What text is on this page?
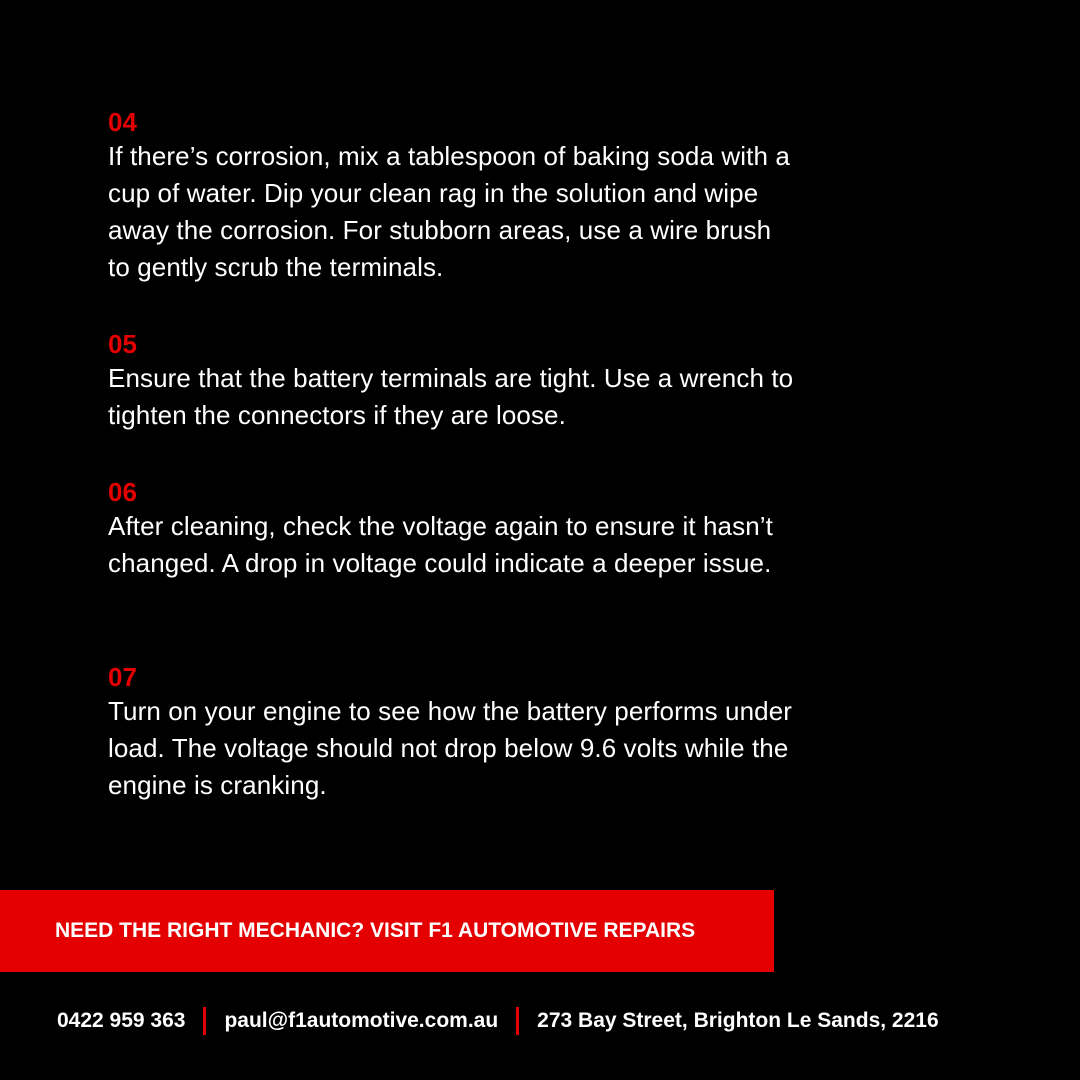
04

If there’s corrosion, mix a tablespoon of baking soda with a cup of water. Dip your clean rag in the solution and wipe away the corrosion. For stubborn areas, use a wire brush to gently scrub the terminals.

05

Ensure that the battery terminals are tight. Use a wrench to tighten the connectors if they are loose.

06

After cleaning, check the voltage again to ensure it hasn’t changed. A drop in voltage could indicate a deeper issue.

07

Turn on your engine to see how the battery performs under load. The voltage should not drop below 9.6 volts while the engine is cranking.

NEED THE RIGHT MECHANIC? VISIT F1 AUTOMOTIVE REPAIRS
0422 959 363 paul@f1automotive.com.au 273 Bay Street, Brighton Le Sands, 2216
